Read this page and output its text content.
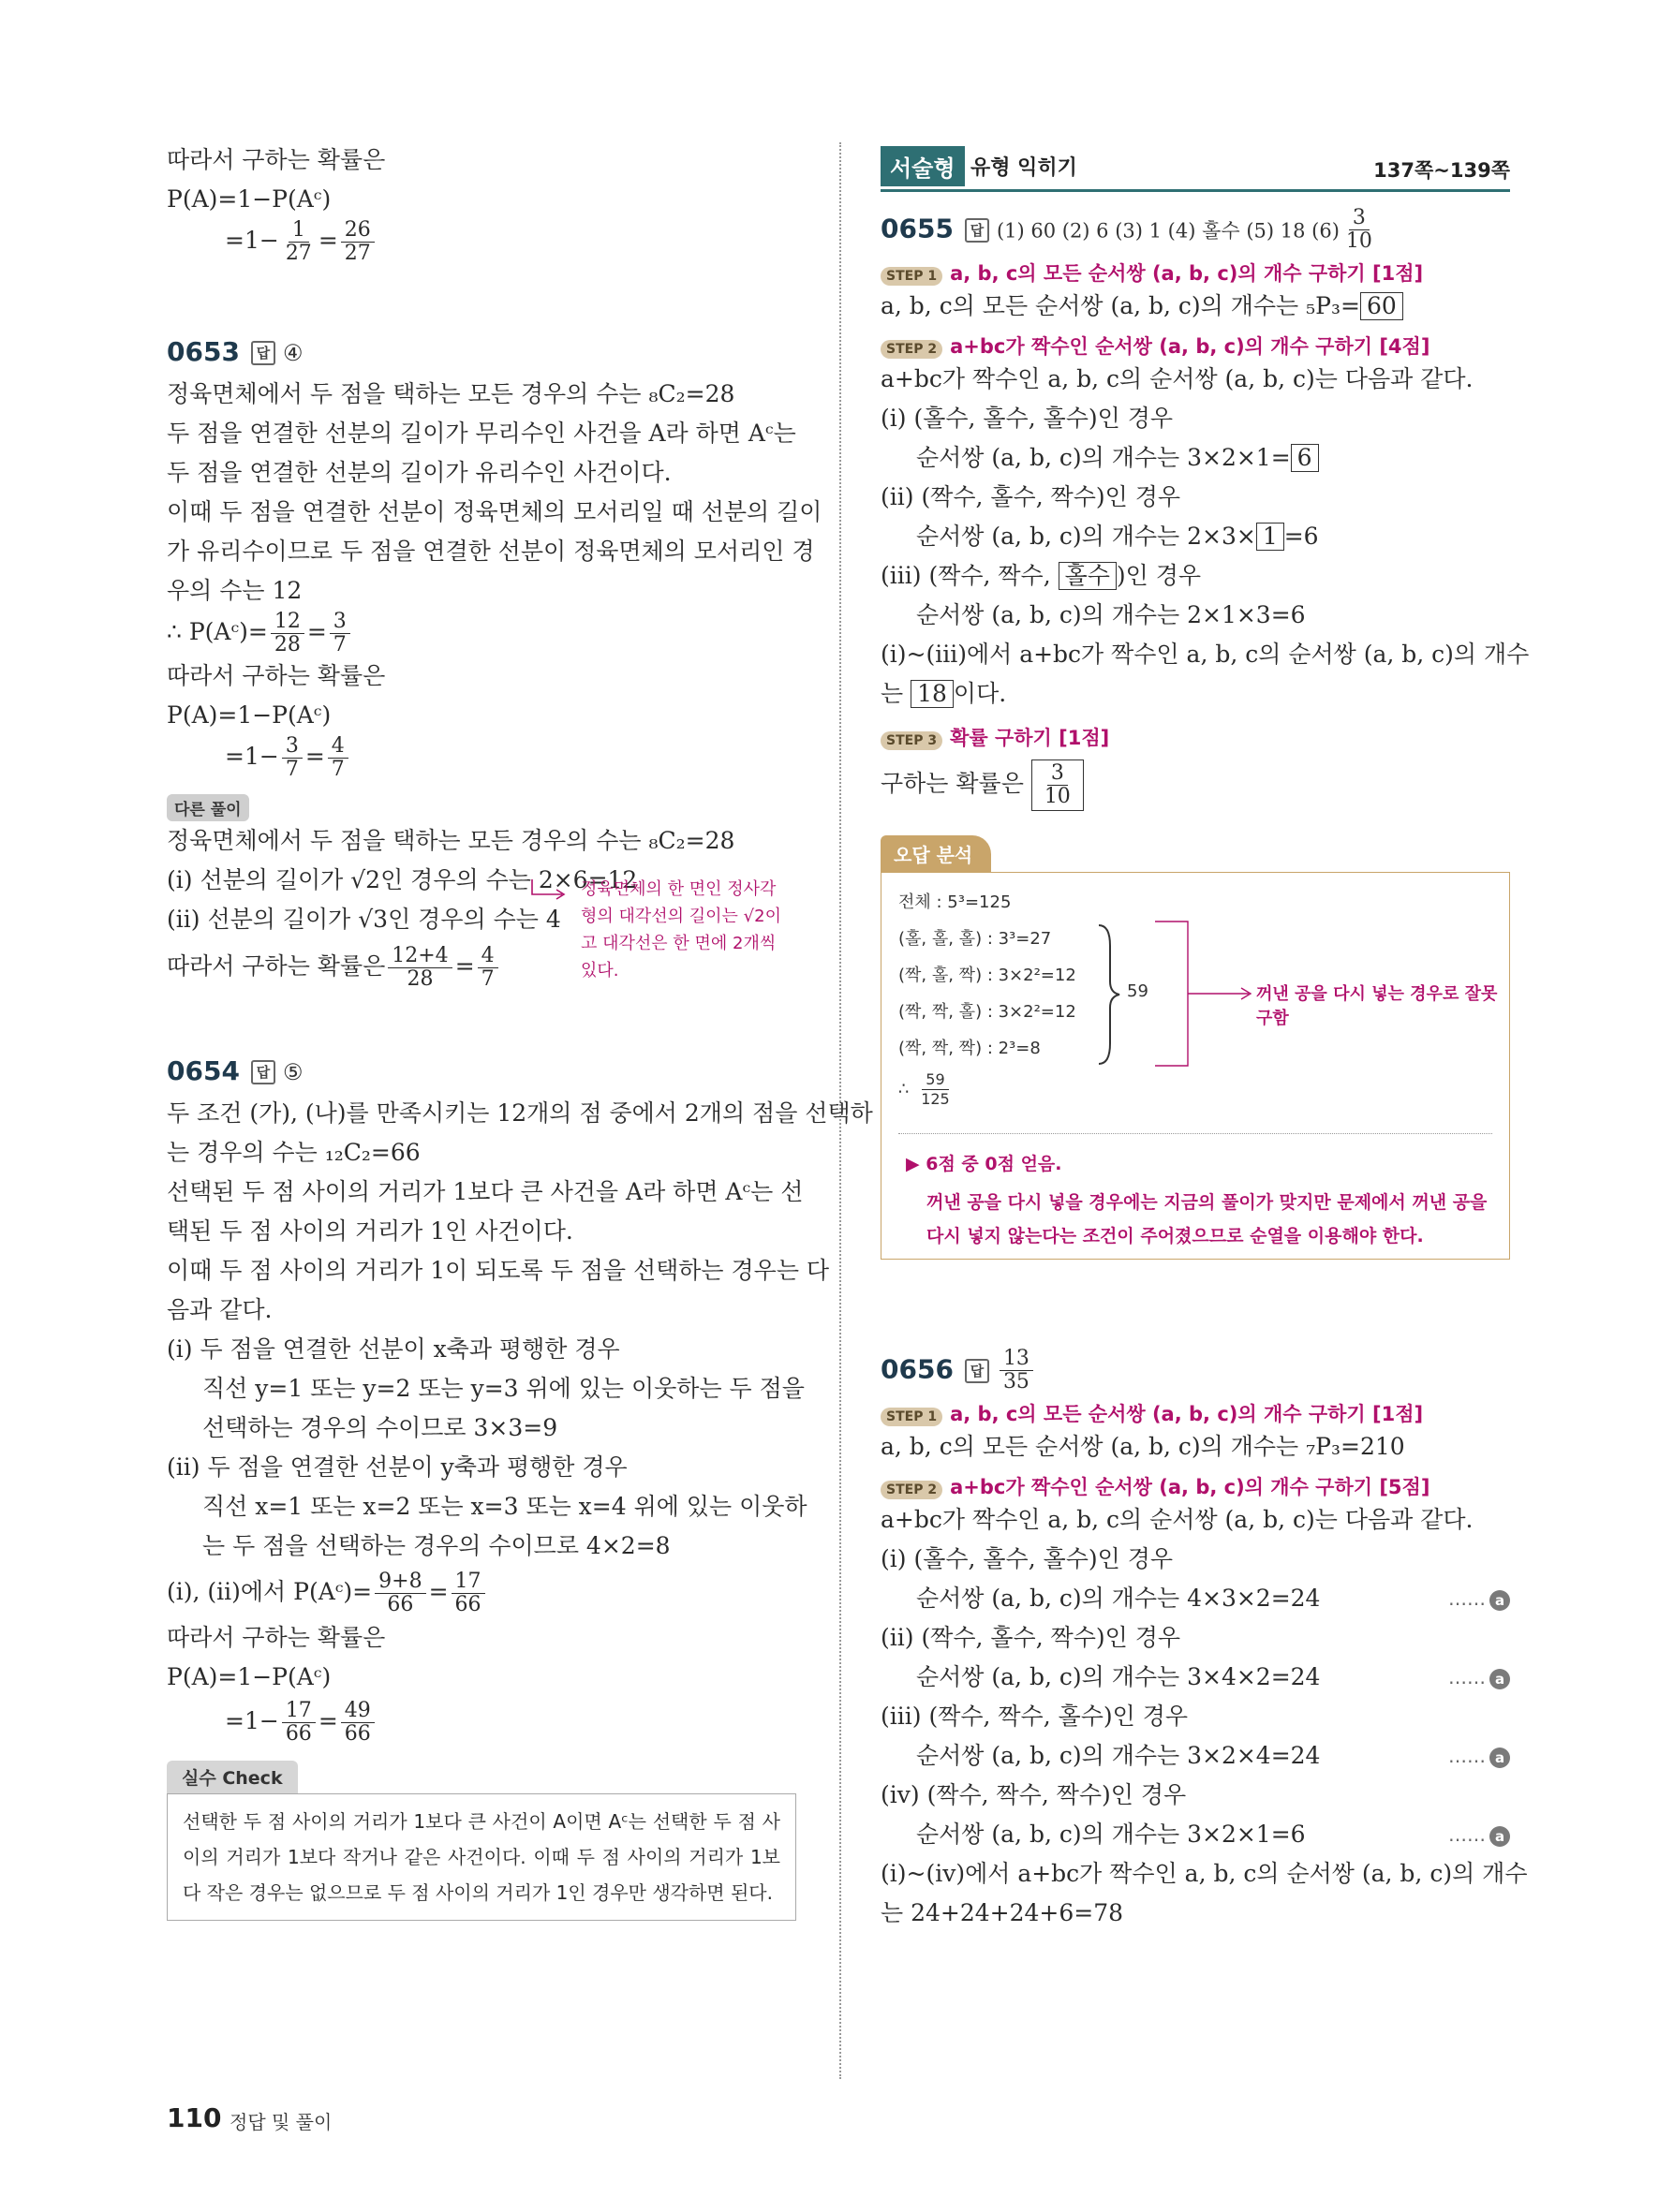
따라서 구하는 확률은
P(A)=1−P(Aᶜ)
$=1- \frac{1}{27} = \frac{26}{27}$
0653 답 ④
정육면체에서 두 점을 택하는 모든 경우의 수는 ₈C₂=28
두 점을 연결한 선분의 길이가 무리수인 사건을 A라 하면 Aᶜ는
두 점을 연결한 선분의 길이가 유리수인 사건이다.
이때 두 점을 연결한 선분이 정육면체의 모서리일 때 선분의 길이
가 유리수이므로 두 점을 연결한 선분이 정육면체의 모서리인 경
우의 수는 12
∴ P(Aᶜ)= $\frac{12}{28} = \frac{3}{7}$
따라서 구하는 확률은
P(A)=1−P(Aᶜ)
$=1- \frac{3}{7} = \frac{4}{7}$
다른 풀이
정육면체에서 두 점을 택하는 모든 경우의 수는 ₈C₂=28
(i) 선분의 길이가 √2인 경우의 수는 2×6=12
(ii) 선분의 길이가 √3인 경우의 수는 4
따라서 구하는 확률은 $\frac{12+4}{28} = \frac{4}{7}$
정육면체의 한 면인 정사각형의 대각선의 길이는 √2이고 대각선은 한 면에 2개씩 있다.
0654 답 ⑤
두 조건 (가), (나)를 만족시키는 12개의 점 중에서 2개의 점을 선택하
는 경우의 수는 ₁₂C₂=66
선택된 두 점 사이의 거리가 1보다 큰 사건을 A라 하면 Aᶜ는 선
택된 두 점 사이의 거리가 1인 사건이다.
이때 두 점 사이의 거리가 1이 되도록 두 점을 선택하는 경우는 다
음과 같다.
(i) 두 점을 연결한 선분이 x축과 평행한 경우
직선 y=1 또는 y=2 또는 y=3 위에 있는 이웃하는 두 점을
선택하는 경우의 수이므로 3×3=9
(ii) 두 점을 연결한 선분이 y축과 평행한 경우
직선 x=1 또는 x=2 또는 x=3 또는 x=4 위에 있는 이웃하
는 두 점을 선택하는 경우의 수이므로 4×2=8
(i), (ii)에서 P(Aᶜ)= $\frac{9+8}{66} = \frac{17}{66}$
따라서 구하는 확률은
P(A)=1−P(Aᶜ)
$=1- \frac{17}{66} = \frac{49}{66}$
실수 Check
선택한 두 점 사이의 거리가 1보다 큰 사건이 A이면 Aᶜ는 선택한 두 점 사이의 거리가 1보다 작거나 같은 사건이다. 이때 두 점 사이의 거리가 1보다 작은 경우는 없으므로 두 점 사이의 거리가 1인 경우만 생각하면 된다.
서술형 유형 익히기	137쪽~139쪽
0655 답 (1) 60 (2) 6 (3) 1 (4) 홀수 (5) 18 $(6) \frac{3}{10}$
STEP 1 a, b, c의 모든 순서쌍 (a, b, c)의 개수 구하기 [1점]
a, b, c의 모든 순서쌍 (a, b, c)의 개수는 ₅P₃= 60
STEP 2 a+bc가 짝수인 순서쌍 (a, b, c)의 개수 구하기 [4점]
a+bc가 짝수인 a, b, c의 순서쌍 (a, b, c)는 다음과 같다.
(i) (홀수, 홀수, 홀수)인 경우
순서쌍 (a, b, c)의 개수는 3×2×1= 6
(ii) (짝수, 홀수, 짝수)인 경우
순서쌍 (a, b, c)의 개수는 2×3× 1 =6
(iii) (짝수, 짝수, 홀수 )인 경우
순서쌍 (a, b, c)의 개수는 2×1×3=6
(i)~(iii)에서 a+bc가 짝수인 a, b, c의 순서쌍 (a, b, c)의 개수
는 18 이다.
STEP 3 확률 구하기 [1점]
구하는 확률은 $\frac{3}{10}$
오답 분석
전체 : 5³=125
(홀, 홀, 홀) : 3³=27
(짝, 홀, 짝) : 3×2²=12
(짝, 짝, 홀) : 3×2²=12
(짝, 짝, 짝) : 2³=8
∴ $\frac{59}{125}$
59	꺼낸 공을 다시 넣는 경우로 잘못 구함
▶ 6점 중 0점 얻음.
꺼낸 공을 다시 넣을 경우에는 지금의 풀이가 맞지만 문제에서 꺼낸 공을 다시 넣지 않는다는 조건이 주어졌으므로 순열을 이용해야 한다.
0656 답 $\frac{13}{35}$
STEP 1 a, b, c의 모든 순서쌍 (a, b, c)의 개수 구하기 [1점]
a, b, c의 모든 순서쌍 (a, b, c)의 개수는 ₇P₃=210
STEP 2 a+bc가 짝수인 순서쌍 (a, b, c)의 개수 구하기 [5점]
a+bc가 짝수인 a, b, c의 순서쌍 (a, b, c)는 다음과 같다.
(i) (홀수, 홀수, 홀수)인 경우
순서쌍 (a, b, c)의 개수는 4×3×2=24	…… a
(ii) (짝수, 홀수, 짝수)인 경우
순서쌍 (a, b, c)의 개수는 3×4×2=24	…… a
(iii) (짝수, 짝수, 홀수)인 경우
순서쌍 (a, b, c)의 개수는 3×2×4=24	…… a
(iv) (짝수, 짝수, 짝수)인 경우
순서쌍 (a, b, c)의 개수는 3×2×1=6	…… a
(i)~(iv)에서 a+bc가 짝수인 a, b, c의 순서쌍 (a, b, c)의 개수
는 24+24+24+6=78
110 정답 및 풀이
